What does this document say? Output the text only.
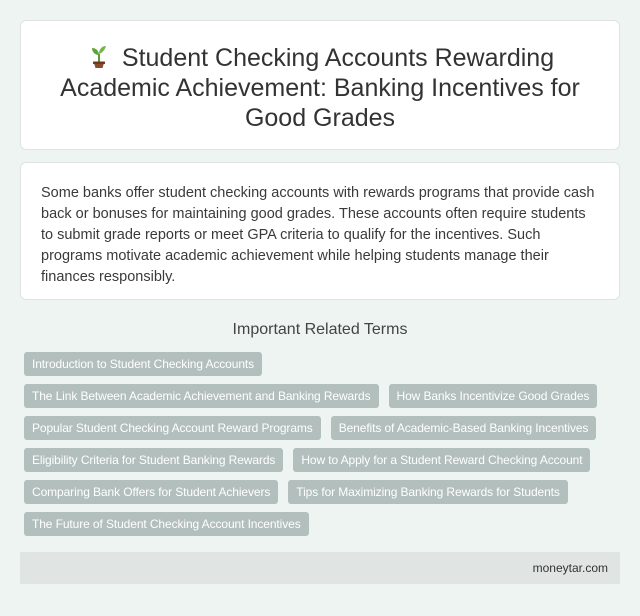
Student Checking Accounts Rewarding Academic Achievement: Banking Incentives for Good Grades

Some banks offer student checking accounts with rewards programs that provide cash back or bonuses for maintaining good grades. These accounts often require students to submit grade reports or meet GPA criteria to qualify for the incentives. Such programs motivate academic achievement while helping students manage their finances responsibly.

Important Related Terms
Introduction to Student Checking Accounts
The Link Between Academic Achievement and Banking Rewards	How Banks Incentivize Good Grades
Popular Student Checking Account Reward Programs	Benefits of Academic-Based Banking Incentives
Eligibility Criteria for Student Banking Rewards	How to Apply for a Student Reward Checking Account
Comparing Bank Offers for Student Achievers	Tips for Maximizing Banking Rewards for Students
The Future of Student Checking Account Incentives
moneytar.com
